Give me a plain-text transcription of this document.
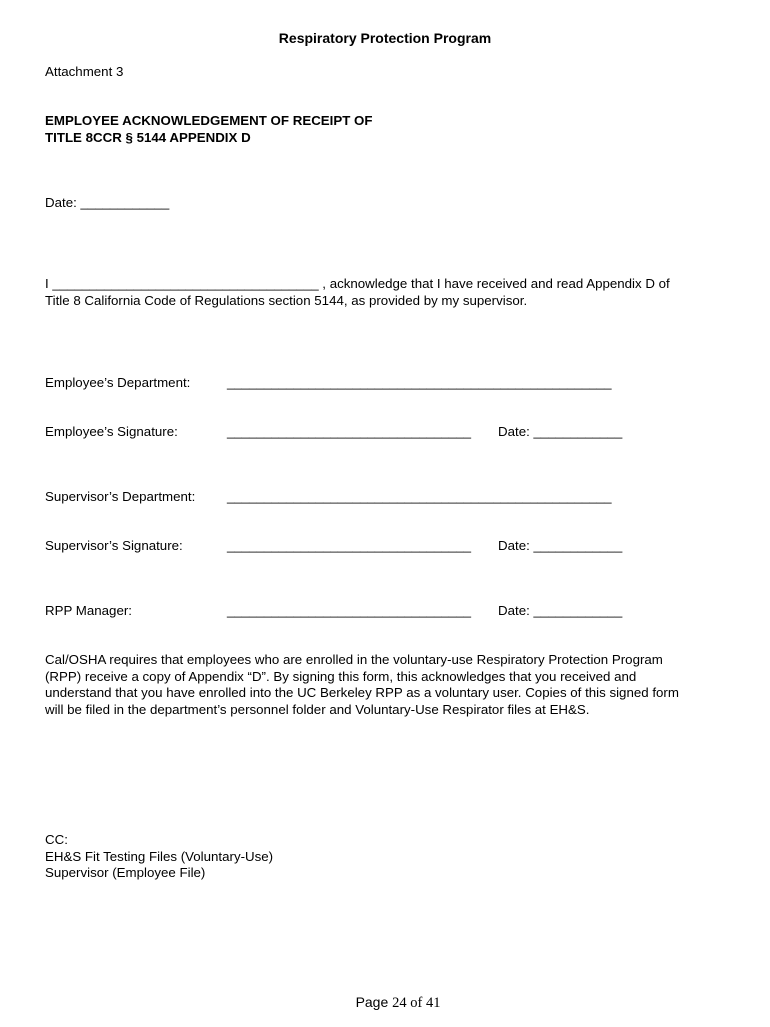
Respiratory Protection Program
Attachment 3
EMPLOYEE ACKNOWLEDGEMENT OF RECEIPT OF
TITLE 8CCR § 5144 APPENDIX D
Date: ____________
I ____________________________________ , acknowledge that I have received and read Appendix D of
Title 8 California Code of Regulations section 5144, as provided by my supervisor.
Employee’s Department:	____________________________________________________
Employee’s Signature:	_________________________________ Date: ____________
Supervisor’s Department: ____________________________________________________
Supervisor’s Signature:	_________________________________ Date: ____________
RPP Manager:	_________________________________ Date: ____________
Cal/OSHA requires that employees who are enrolled in the voluntary-use Respiratory Protection Program
(RPP) receive a copy of Appendix “D”. By signing this form, this acknowledges that you received and
understand that you have enrolled into the UC Berkeley RPP as a voluntary user. Copies of this signed form
will be filed in the department’s personnel folder and Voluntary-Use Respirator files at EH&S.
CC:
EH&S Fit Testing Files (Voluntary-Use)
Supervisor (Employee File)

Page 24 of 41
